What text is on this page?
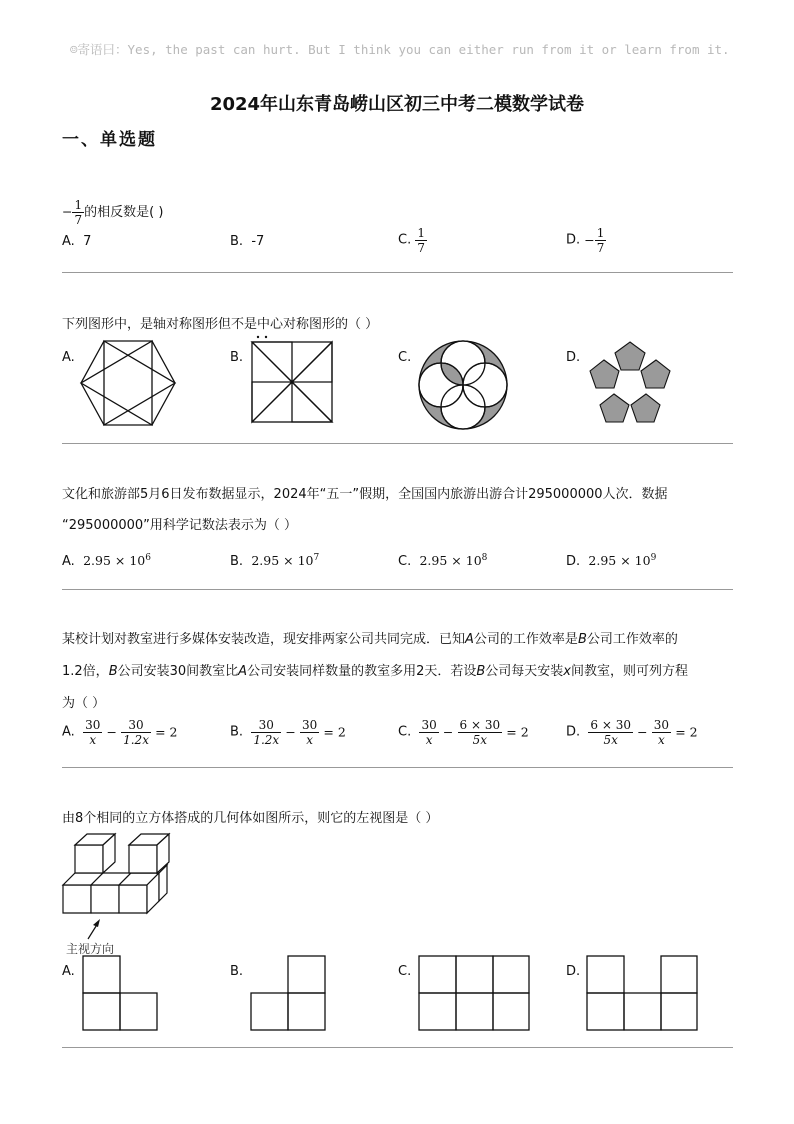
☺寄语曰：Yes, the past can hurt. But I think you can either run from it or learn from it.
2024年山东青岛崂山区初三中考二模数学试卷
一、单选题
− $\frac{1}{7}$ 的相反数是( )
A. 7	B. -7	C. $\frac{1}{7}$	D. − $\frac{1}{7}$
下列图形中，是轴对称图形但不是中心对称图形的（ ）
A.	B.	C.	D.
文化和旅游部5月6日发布数据显示，2024年“五一”假期，全国国内旅游出游合计295000000人次．数据
“295000000”用科学记数法表示为（ ）
A. $2.95 \times 10^6$	B. $2.95 \times 10^7$	C. $2.95 \times 10^8$	D. $2.95 \times 10^9$
某校计划对教室进行多媒体安装改造，现安排两家公司共同完成．已知A公司的工作效率是B公司工作效率的
1.2倍，B公司安装30间教室比A公司安装同样数量的教室多用2天．若设B公司每天安装x间教室，则可列方程
为（ ）
A. $\frac{30}{x} - \frac{30}{1.2x} = 2$	B. $\frac{30}{1.2x} - \frac{30}{x} = 2$	C. $\frac{30}{x} - \frac{6 \times 30}{5x} = 2$	D. $\frac{6 \times 30}{5x} - \frac{30}{x} = 2$
由8个相同的立方体搭成的几何体如图所示，则它的左视图是（ ）
主视方向
A.	B.	C.	D.
